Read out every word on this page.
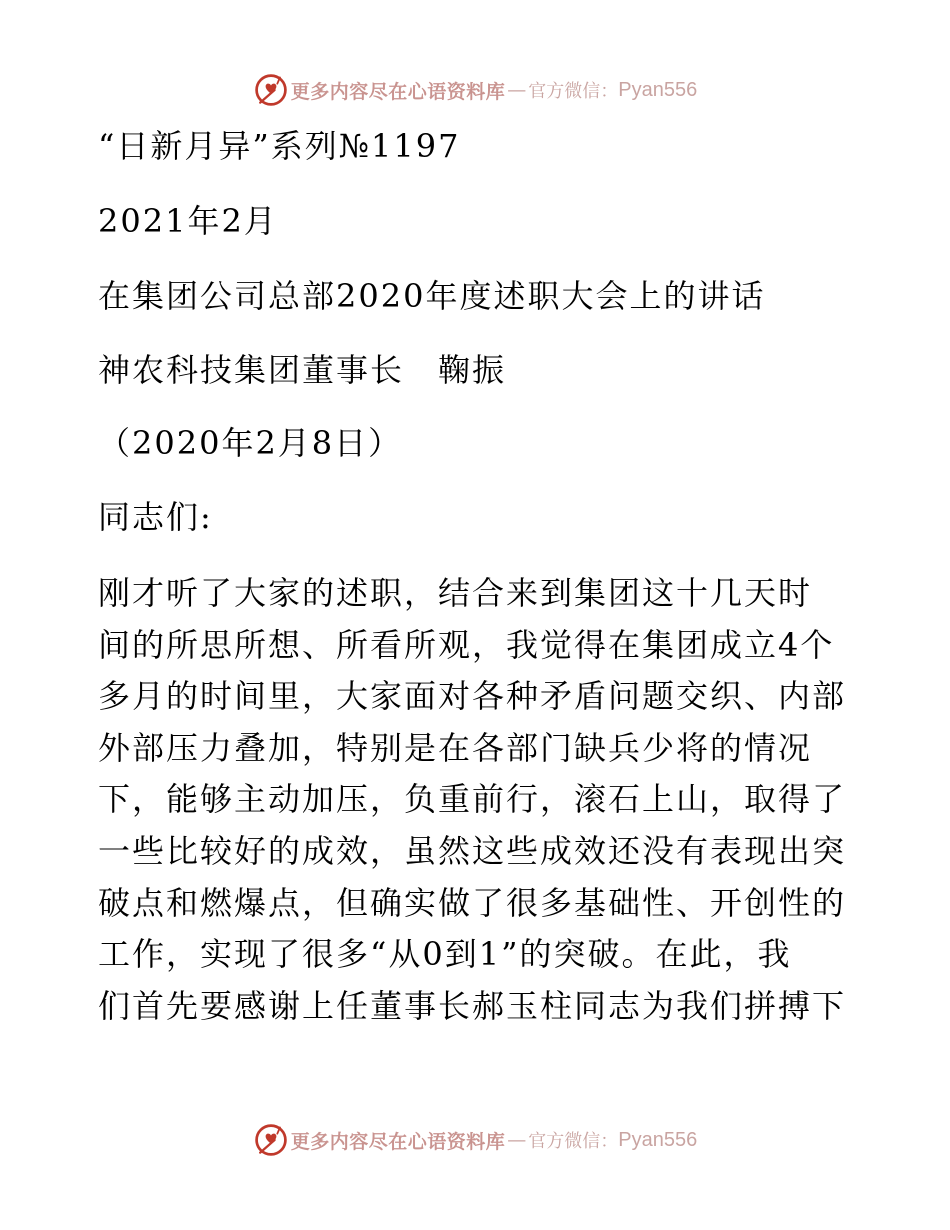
更多内容尽在心语资料库 — 官方微信： Pyan556
“日新月异”系列№1197
2021年2月
在集团公司总部2020年度述职大会上的讲话
神农科技集团董事长　鞠振
（2020年2月8日）
同志们:
刚才听了大家的述职，结合来到集团这十几天时
间的所思所想、所看所观，我觉得在集团成立4个
多月的时间里，大家面对各种矛盾问题交织、内部
外部压力叠加，特别是在各部门缺兵少将的情况
下，能够主动加压，负重前行，滚石上山，取得了
一些比较好的成效，虽然这些成效还没有表现出突
破点和燃爆点，但确实做了很多基础性、开创性的
工作，实现了很多“从0到1”的突破。在此，我
们首先要感谢上任董事长郝玉柱同志为我们拼搏下
更多内容尽在心语资料库 — 官方微信： Pyan556
